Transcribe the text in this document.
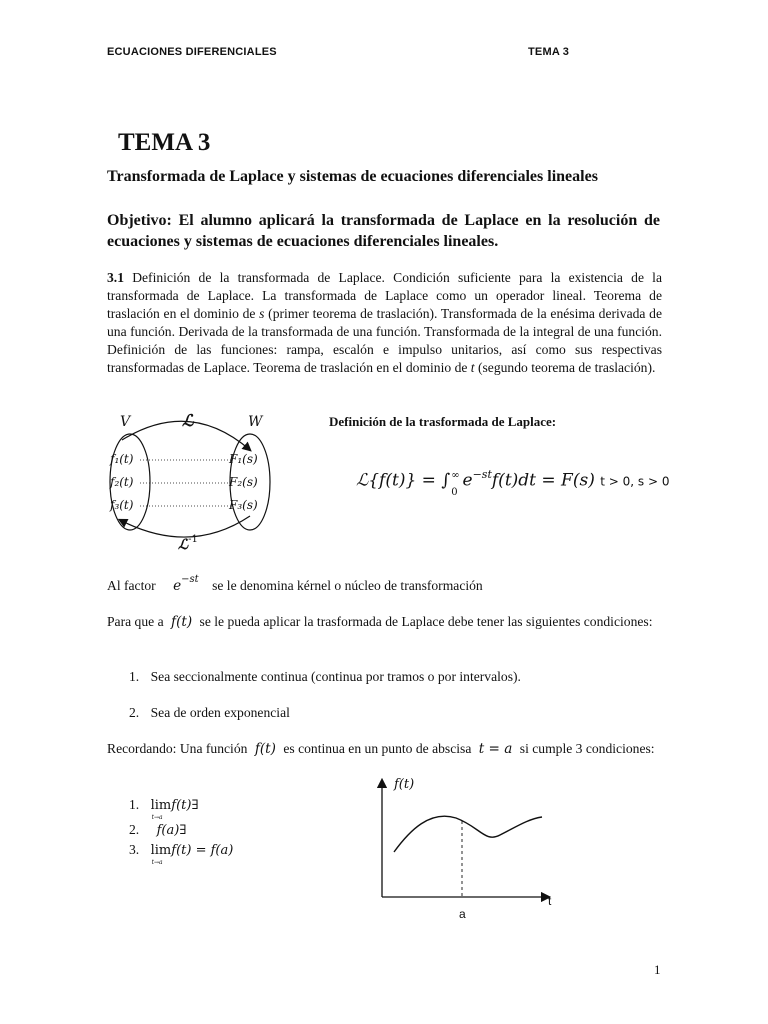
ECUACIONES DIFERENCIALES	TEMA 3
TEMA 3
Transformada de Laplace y sistemas de ecuaciones diferenciales lineales
Objetivo: El alumno aplicará la transformada de Laplace en la resolución de ecuaciones y sistemas de ecuaciones diferenciales lineales.
3.1 Definición de la transformada de Laplace. Condición suficiente para la existencia de la transformada de Laplace. La transformada de Laplace como un operador lineal. Teorema de traslación en el dominio de s (primer teorema de traslación). Transformada de la enésima derivada de una función. Derivada de la transformada de una función. Transformada de la integral de una función. Definición de las funciones: rampa, escalón e impulso unitarios, así como sus respectivas transformadas de Laplace. Teorema de traslación en el dominio de t (segundo teorema de traslación).
V	W
ℒ
f₁(t)
f₂(t)
f₃(t)
F₁(s)
F₂(s)
F₃(s)
ℒ$^{-1}$
Definición de la trasformada de Laplace:
ℒ{f(t)} = ∫ ∞
0
$e^{-st}f(t)dt = F(s) t > 0$, s > 0
Al factor $e^{-st}$ se le denomina kérnel o núcleo de transformación
Para que a f(t) se le pueda aplicar la trasformada de Laplace debe tener las siguientes condiciones:
1. Sea seccionalmente continua (continua por tramos o por intervalos).
2. Sea de orden exponencial
Recordando: Una función f(t) es continua en un punto de abscisa t = a si cumple 3 condiciones:
1. limf(t)∃
t→a
2. f(a)∃
3. limf(t) = f(a)
t→a
f(t)
t
a
1
